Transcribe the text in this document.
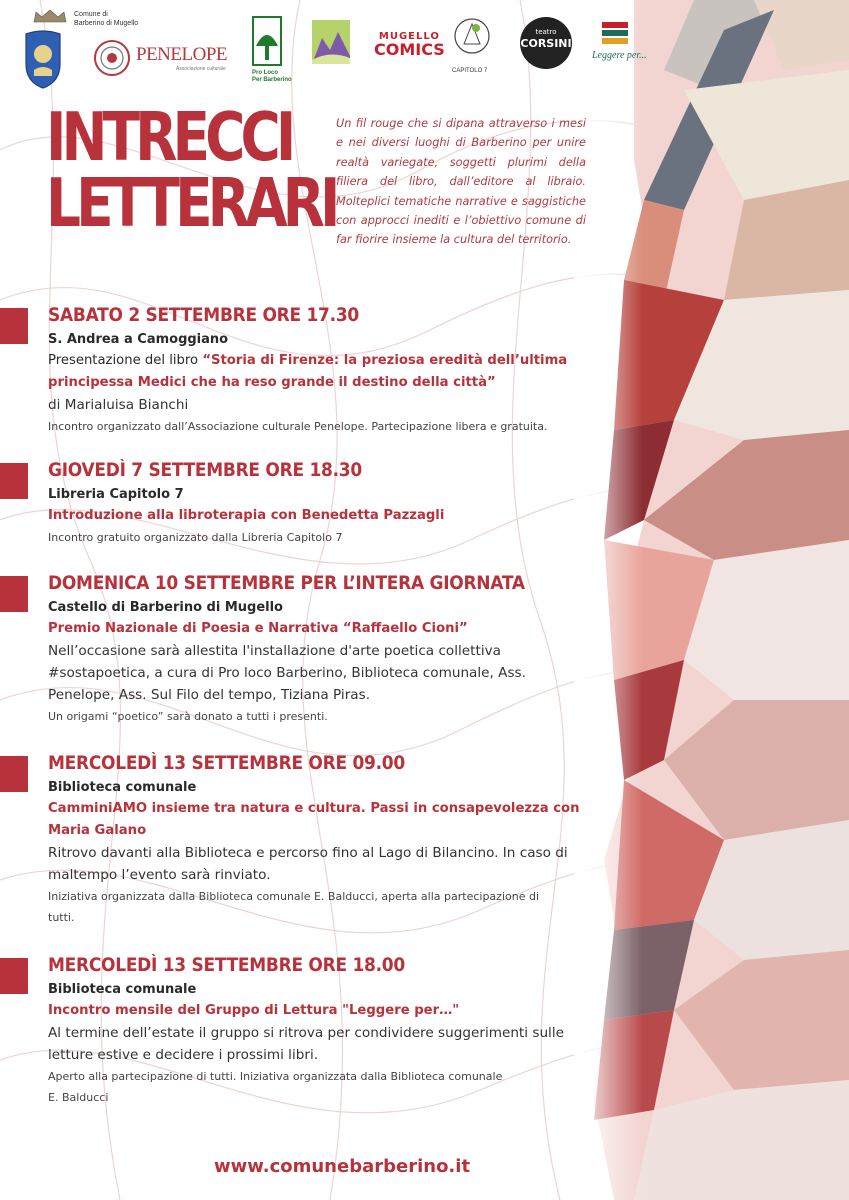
Comune di
Barberino di Mugello
PENELOPE
Associazione culturale
Pro Loco
Per Barberino
MUGELLO
COMICS
CAPITOLO 7
teatro
CORSINI
Leggere per...
INTRECCI
LETTERARI
Un fil rouge che si dipana attraverso i mesi e nei diversi luoghi di Barberino per unire realtà variegate, soggetti plurimi della filiera del libro, dall’editore al libraio. Molteplici tematiche narrative e saggistiche con approcci inediti e l’obiettivo comune di far fiorire insieme la cultura del territorio.
SABATO 2 SETTEMBRE ORE 17.30
S. Andrea a Camoggiano
Presentazione del libro “Storia di Firenze: la preziosa eredità dell’ultima
principessa Medici che ha reso grande il destino della città”
di Marialuisa Bianchi
Incontro organizzato dall’Associazione culturale Penelope. Partecipazione libera e gratuita.
GIOVEDÌ 7 SETTEMBRE ORE 18.30
Libreria Capitolo 7
Introduzione alla libroterapia con Benedetta Pazzagli
Incontro gratuito organizzato dalla Libreria Capitolo 7
DOMENICA 10 SETTEMBRE PER L’INTERA GIORNATA
Castello di Barberino di Mugello
Premio Nazionale di Poesia e Narrativa “Raffaello Cioni”
Nell’occasione sarà allestita l'installazione d'arte poetica collettiva
#sostapoetica, a cura di Pro loco Barberino, Biblioteca comunale, Ass.
Penelope, Ass. Sul Filo del tempo, Tiziana Piras.
Un origami “poetico” sarà donato a tutti i presenti.
MERCOLEDÌ 13 SETTEMBRE ORE 09.00
Biblioteca comunale
CamminiAMO insieme tra natura e cultura. Passi in consapevolezza con
Maria Galano
Ritrovo davanti alla Biblioteca e percorso fino al Lago di Bilancino. In caso di
maltempo l’evento sarà rinviato.
Iniziativa organizzata dalla Biblioteca comunale E. Balducci, aperta alla partecipazione di
tutti.
MERCOLEDÌ 13 SETTEMBRE ORE 18.00
Biblioteca comunale
Incontro mensile del Gruppo di Lettura "Leggere per…"
Al termine dell’estate il gruppo si ritrova per condividere suggerimenti sulle
letture estive e decidere i prossimi libri.
Aperto alla partecipazione di tutti. Iniziativa organizzata dalla Biblioteca comunale
E. Balducci
www.comunebarberino.it
